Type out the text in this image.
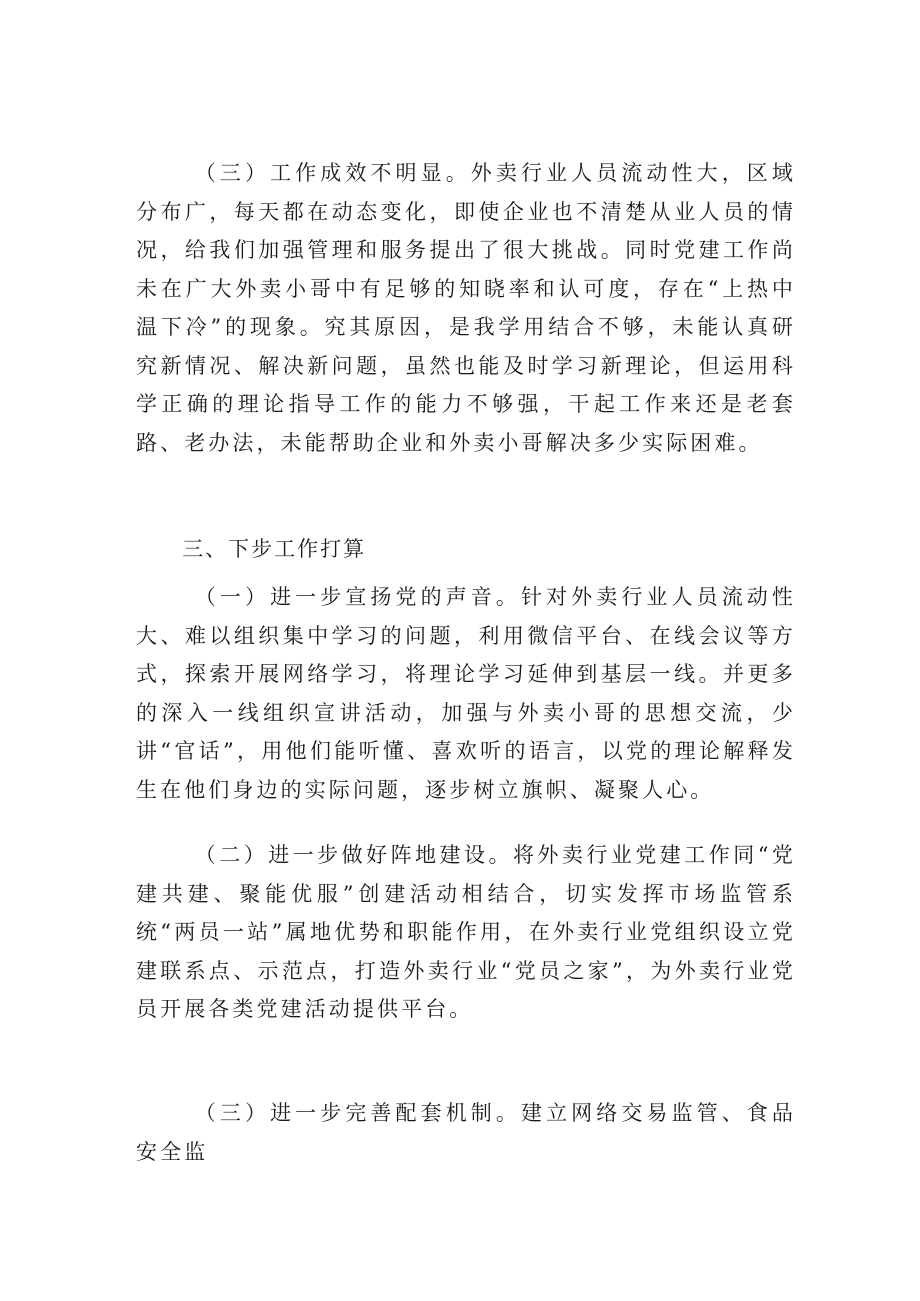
（三）工作成效不明显。外卖行业人员流动性大，区域分布广，每天都在动态变化，即使企业也不清楚从业人员的情况，给我们加强管理和服务提出了很大挑战。同时党建工作尚未在广大外卖小哥中有足够的知晓率和认可度，存在“上热中温下冷”的现象。究其原因，是我学用结合不够，未能认真研究新情况、解决新问题，虽然也能及时学习新理论，但运用科学正确的理论指导工作的能力不够强，干起工作来还是老套路、老办法，未能帮助企业和外卖小哥解决多少实际困难。

三、下步工作打算

（一）进一步宣扬党的声音。针对外卖行业人员流动性大、难以组织集中学习的问题，利用微信平台、在线会议等方式，探索开展网络学习，将理论学习延伸到基层一线。并更多的深入一线组织宣讲活动，加强与外卖小哥的思想交流，少讲“官话”，用他们能听懂、喜欢听的语言，以党的理论解释发生在他们身边的实际问题，逐步树立旗帜、凝聚人心。

（二）进一步做好阵地建设。将外卖行业党建工作同“党建共建、聚能优服”创建活动相结合，切实发挥市场监管系统“两员一站”属地优势和职能作用，在外卖行业党组织设立党建联系点、示范点，打造外卖行业“党员之家”，为外卖行业党员开展各类党建活动提供平台。

（三）进一步完善配套机制。建立网络交易监管、食品安全监
